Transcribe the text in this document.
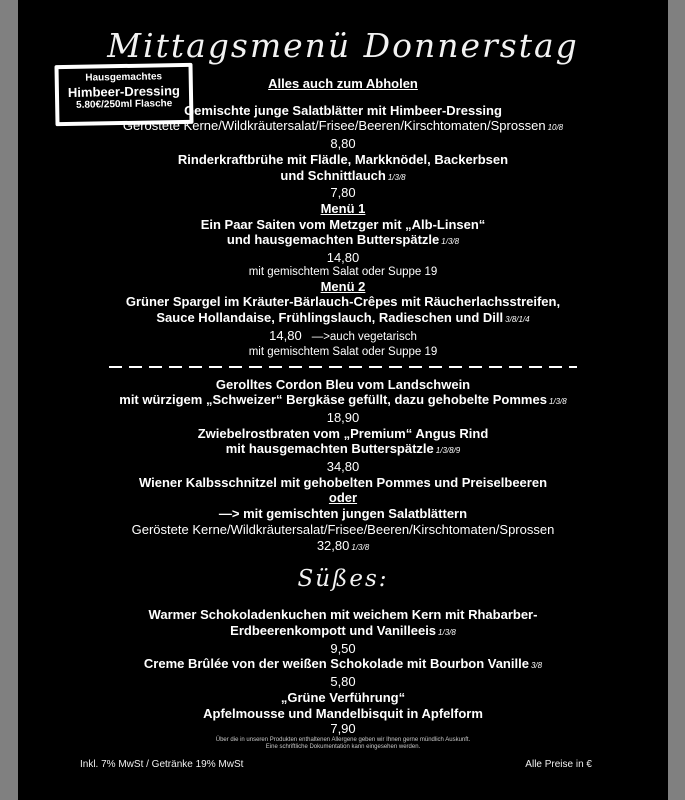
Hausgemachtes
Himbeer-Dressing
5.80€/250ml Flasche
Mittagsmenü Donnerstag
Alles auch zum Abholen
Gemischte junge Salatblätter mit Himbeer-Dressing
Geröstete Kerne/Wildkräutersalat/Frisee/Beeren/Kirschtomaten/Sprossen 10/8
8,80
Rinderkraftbrühe mit Flädle, Markknödel, Backerbsen
und Schnittlauch 1/3/8
7,80
Menü 1
Ein Paar Saiten vom Metzger mit „Alb-Linsen“
und hausgemachten Butterspätzle 1/3/8
14,80
mit gemischtem Salat oder Suppe 19
Menü 2
Grüner Spargel im Kräuter-Bärlauch-Crêpes mit Räucherlachsstreifen,
Sauce Hollandaise, Frühlingslauch, Radieschen und Dill 3/8/1/4
14,80 —>auch vegetarisch
mit gemischtem Salat oder Suppe 19
Gerolltes Cordon Bleu vom Landschwein
mit würzigem „Schweizer“ Bergkäse gefüllt, dazu gehobelte Pommes 1/3/8
18,90
Zwiebelrostbraten vom „Premium“ Angus Rind
mit hausgemachten Butterspätzle 1/3/8/9
34,80
Wiener Kalbsschnitzel mit gehobelten Pommes und Preiselbeeren
oder
—> mit gemischten jungen Salatblättern
Geröstete Kerne/Wildkräutersalat/Frisee/Beeren/Kirschtomaten/Sprossen
32,80 1/3/8
Süßes:
Warmer Schokoladenkuchen mit weichem Kern mit Rhabarber-
Erdbeerenkompott und Vanilleeis 1/3/8
9,50
Creme Brûlée von der weißen Schokolade mit Bourbon Vanille 3/8
5,80
„Grüne Verführung“
Apfelmousse und Mandelbisquit in Apfelform
7,90
Über die in unseren Produkten enthaltenen Allergene geben wir Ihnen gerne mündlich Auskunft.
Eine schriftliche Dokumentation kann eingesehen werden.
Inkl. 7% MwSt / Getränke 19% MwSt	Alle Preise in €
